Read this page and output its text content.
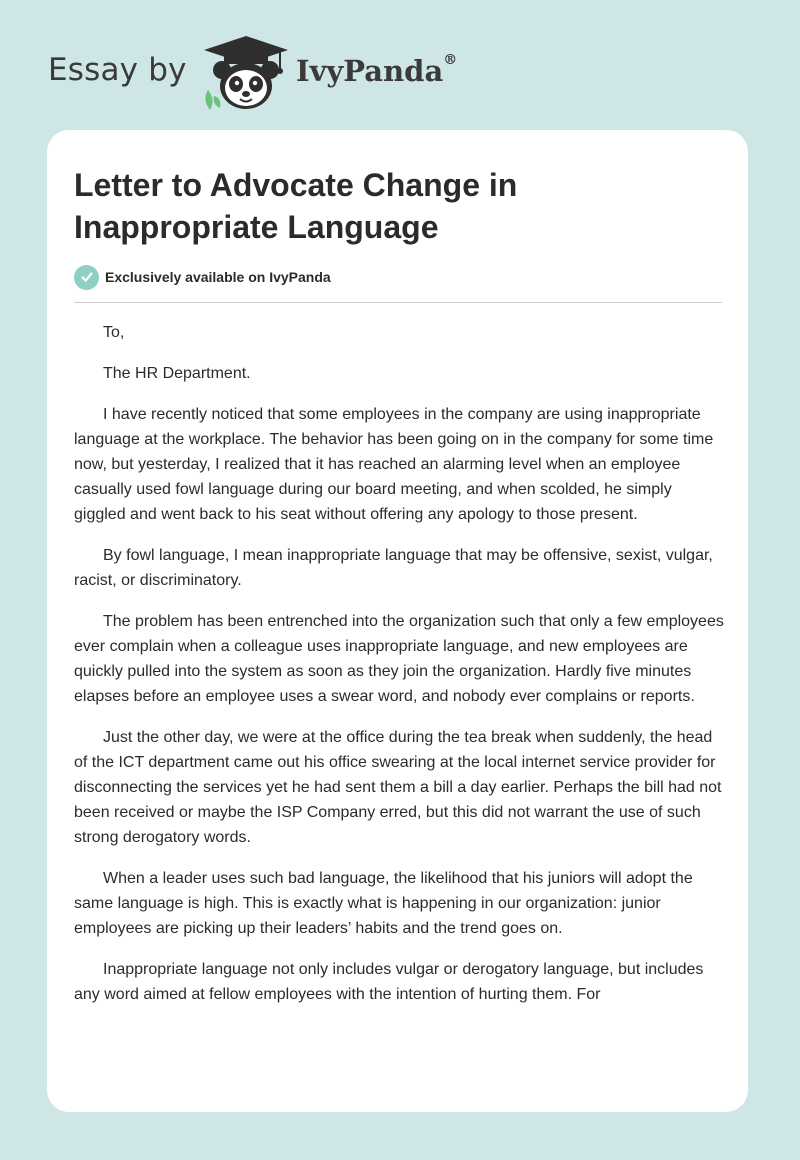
Essay by	IvyPanda®
Letter to Advocate Change in Inappropriate Language
Exclusively available on IvyPanda

To,

The HR Department.

I have recently noticed that some employees in the company are using inappropriate language at the workplace. The behavior has been going on in the company for some time now, but yesterday, I realized that it has reached an alarming level when an employee casually used fowl language during our board meeting, and when scolded, he simply giggled and went back to his seat without offering any apology to those present.

By fowl language, I mean inappropriate language that may be offensive, sexist, vulgar, racist, or discriminatory.

The problem has been entrenched into the organization such that only a few employees ever complain when a colleague uses inappropriate language, and new employees are quickly pulled into the system as soon as they join the organization. Hardly five minutes elapses before an employee uses a swear word, and nobody ever complains or reports.

Just the other day, we were at the office during the tea break when suddenly, the head of the ICT department came out his office swearing at the local internet service provider for disconnecting the services yet he had sent them a bill a day earlier. Perhaps the bill had not been received or maybe the ISP Company erred, but this did not warrant the use of such strong derogatory words.

When a leader uses such bad language, the likelihood that his juniors will adopt the same language is high. This is exactly what is happening in our organization: junior employees are picking up their leaders’ habits and the trend goes on.

Inappropriate language not only includes vulgar or derogatory language, but includes any word aimed at fellow employees with the intention of hurting them. For
